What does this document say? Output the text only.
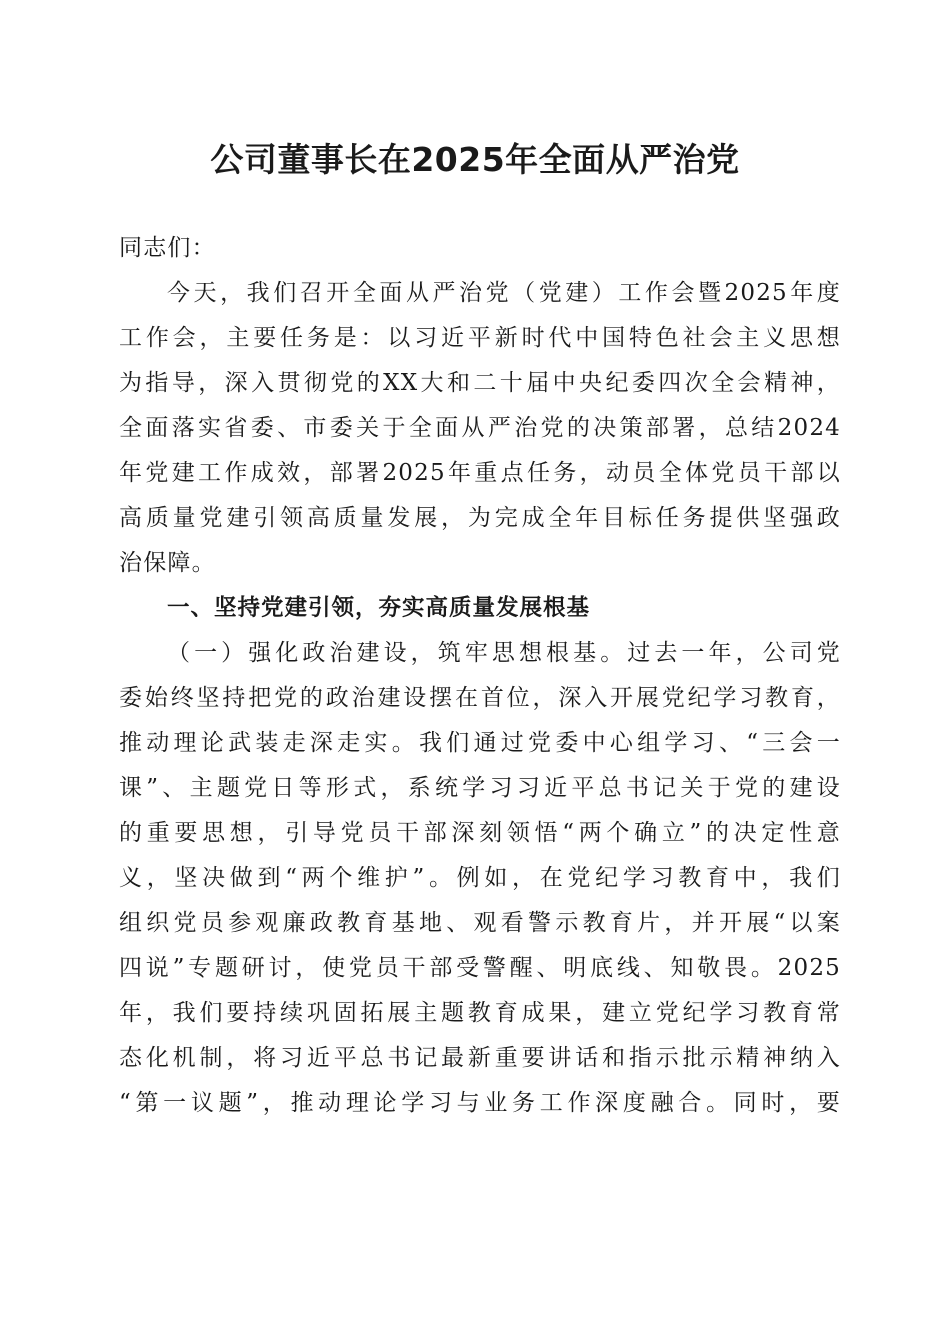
公司董事长在2025年全面从严治党
同志们：
今天，我们召开全面从严治党（党建）工作会暨2025年度
工作会，主要任务是：以习近平新时代中国特色社会主义思想
为指导，深入贯彻党的XX大和二十届中央纪委四次全会精神，
全面落实省委、市委关于全面从严治党的决策部署，总结2024
年党建工作成效，部署2025年重点任务，动员全体党员干部以
高质量党建引领高质量发展，为完成全年目标任务提供坚强政
治保障。
一、坚持党建引领，夯实高质量发展根基
（一）强化政治建设，筑牢思想根基。过去一年，公司党
委始终坚持把党的政治建设摆在首位，深入开展党纪学习教育，
推动理论武装走深走实。我们通过党委中心组学习、“三会一
课”、主题党日等形式，系统学习习近平总书记关于党的建设
的重要思想，引导党员干部深刻领悟“两个确立”的决定性意
义，坚决做到“两个维护”。例如，在党纪学习教育中，我们
组织党员参观廉政教育基地、观看警示教育片，并开展“以案
四说”专题研讨，使党员干部受警醒、明底线、知敬畏。2025
年，我们要持续巩固拓展主题教育成果，建立党纪学习教育常
态化机制，将习近平总书记最新重要讲话和指示批示精神纳入
“第一议题”，推动理论学习与业务工作深度融合。同时，要
